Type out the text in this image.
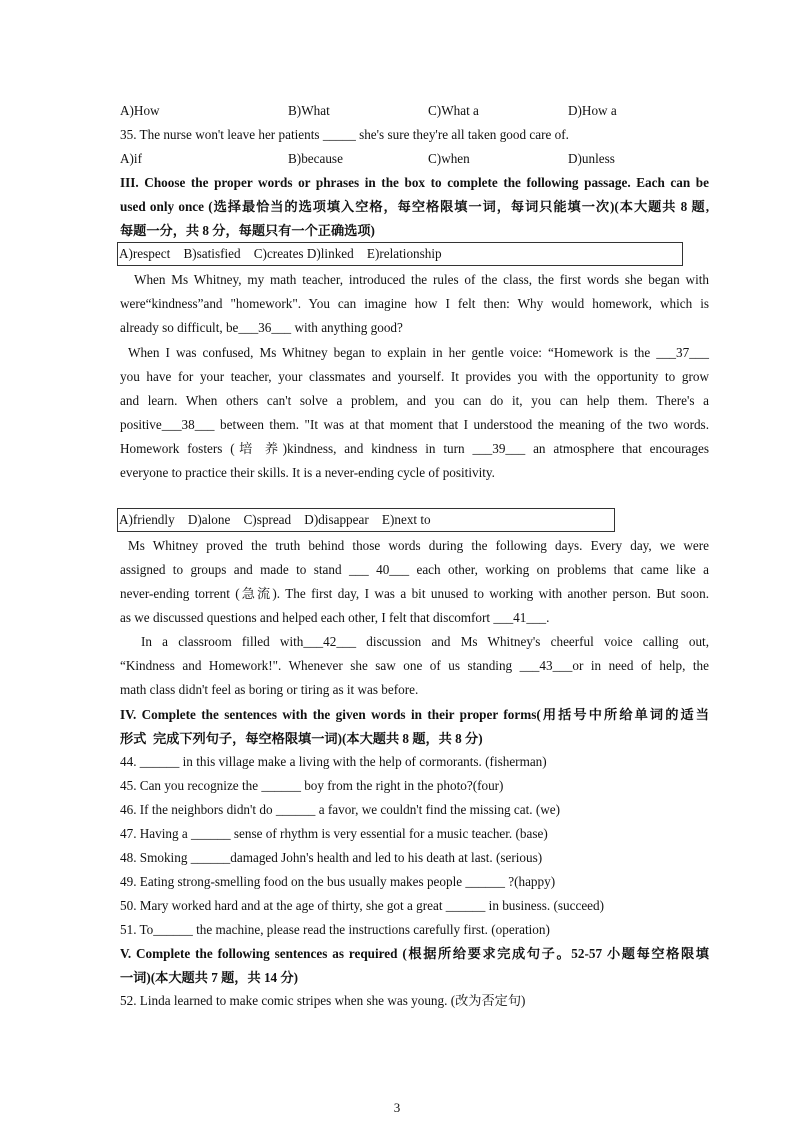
A)How	B)What	C)What a	D)How a
35. The nurse won't leave her patients _____ she's sure they're all taken good care of.
A)if	B)because	C)when	D)unless
III. Choose the proper words or phrases in the box to complete the following passage. Each can be
used only once (选择最恰当的选项填入空格，每空格限填一词，每词只能填一次)(本大题共 8 题,
每题一分，共 8 分，每题只有一个正确选项)
A)respect    B)satisfied    C)creates D)linked    E)relationship
When Ms Whitney, my math teacher, introduced the rules of the class, the first words she began with
were“kindness”and "homework". You can imagine how I felt then: Why would homework, which is
already so difficult, be___36___ with anything good?
When I was confused, Ms Whitney began to explain in her gentle voice: “Homework is the ___37___
you have for your teacher, your classmates and yourself. It provides you with the opportunity to grow
and learn. When others can't solve a problem, and you can do it, you can help them. There's a
positive___38___ between them. "It was at that moment that I understood the meaning of the two words.
Homework fosters (培 养)kindness, and kindness in turn ___39___ an atmosphere that encourages
everyone to practice their skills. It is a never-ending cycle of positivity.
A)friendly    D)alone    C)spread    D)disappear    E)next to
Ms Whitney proved the truth behind those words during the following days. Every day, we were
assigned to groups and made to stand ___ 40___ each other, working on problems that came like a
never-ending torrent (急流). The first day, I was a bit unused to working with another person. But soon.
as we discussed questions and helped each other, I felt that discomfort ___41___.
In a classroom filled with___42___ discussion and Ms Whitney's cheerful voice calling out,
“Kindness and Homework!". Whenever she saw one of us standing ___43___or in need of help, the
math class didn't feel as boring or tiring as it was before.
IV. Complete the sentences with the given words in their proper forms(用括号中所给单词的适当
形式  完成下列句子，每空格限填一词)(本大题共 8 题，共 8 分)
44. ______ in this village make a living with the help of cormorants. (fisherman)
45. Can you recognize the ______ boy from the right in the photo?(four)
46. If the neighbors didn't do ______ a favor, we couldn't find the missing cat. (we)
47. Having a ______ sense of rhythm is very essential for a music teacher. (base)
48. Smoking ______damaged John's health and led to his death at last. (serious)
49. Eating strong-smelling food on the bus usually makes people ______ ?(happy)
50. Mary worked hard and at the age of thirty, she got a great ______ in business. (succeed)
51. To______ the machine, please read the instructions carefully first. (operation)
V. Complete the following sentences as required (根据所给要求完成句子。52-57 小题每空格限填
一词)(本大题共 7 题，共 14 分)
52. Linda learned to make comic stripes when she was young. (改为否定句)
3
